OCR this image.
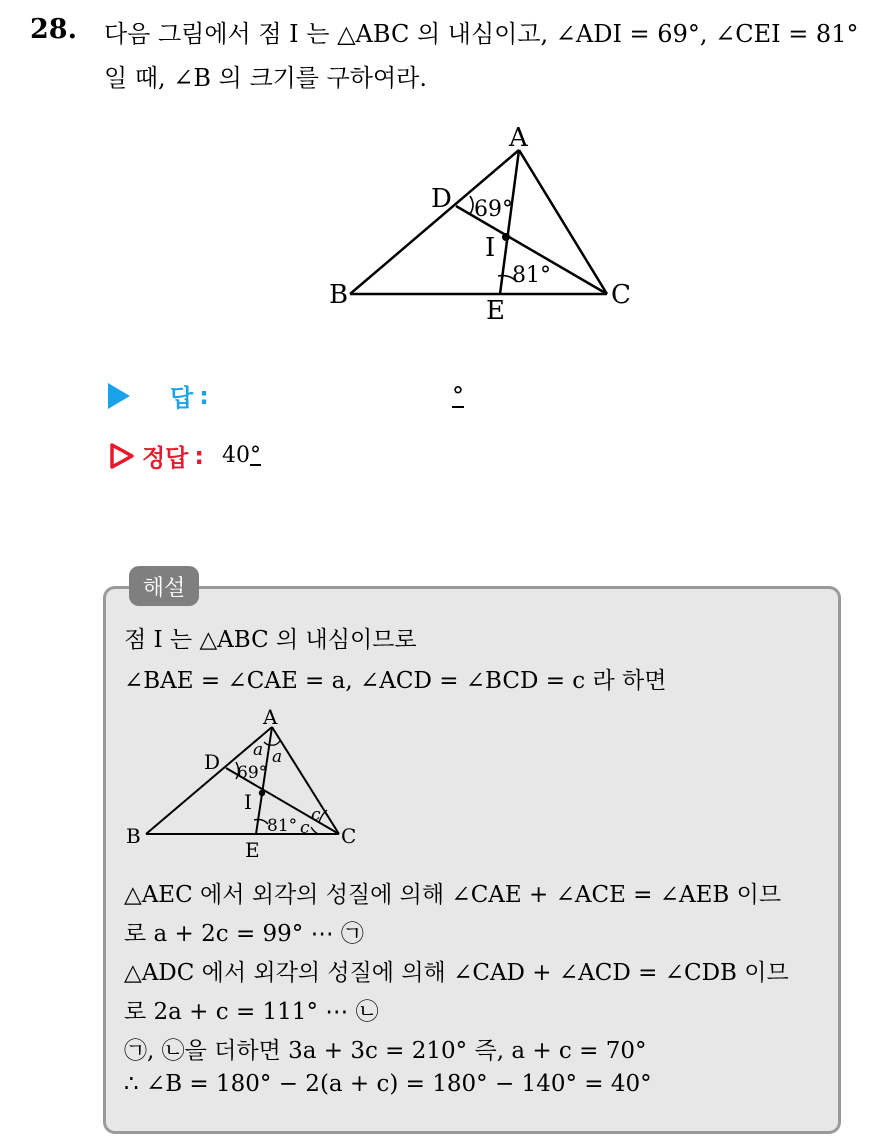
28. 다음 그림에서 점 I 는 △ABC 의 내심이고, ∠ADI = 69°, ∠CEI = 81°
일 때, ∠B 의 크기를 구하여라.
A
B	C
D
E
I
69°
81°
답 :	°
정답 : 40°
해설
점 I 는 △ABC 의 내심이므로
∠BAE = ∠CAE = a, ∠ACD = ∠BCD = c 라 하면
A
B	C
D
E
I
69°
81°
a a
c
c
△AEC 에서 외각의 성질에 의해 ∠CAE + ∠ACE = ∠AEB 이므
로 a + 2c = 99° ⋯ ㉠
△ADC 에서 외각의 성질에 의해 ∠CAD + ∠ACD = ∠CDB 이므
로 2a + c = 111° ⋯ ㉡
㉠, ㉡을 더하면 3a + 3c = 210° 즉, a + c = 70°
∴ ∠B = 180° − 2(a + c) = 180° − 140° = 40°
